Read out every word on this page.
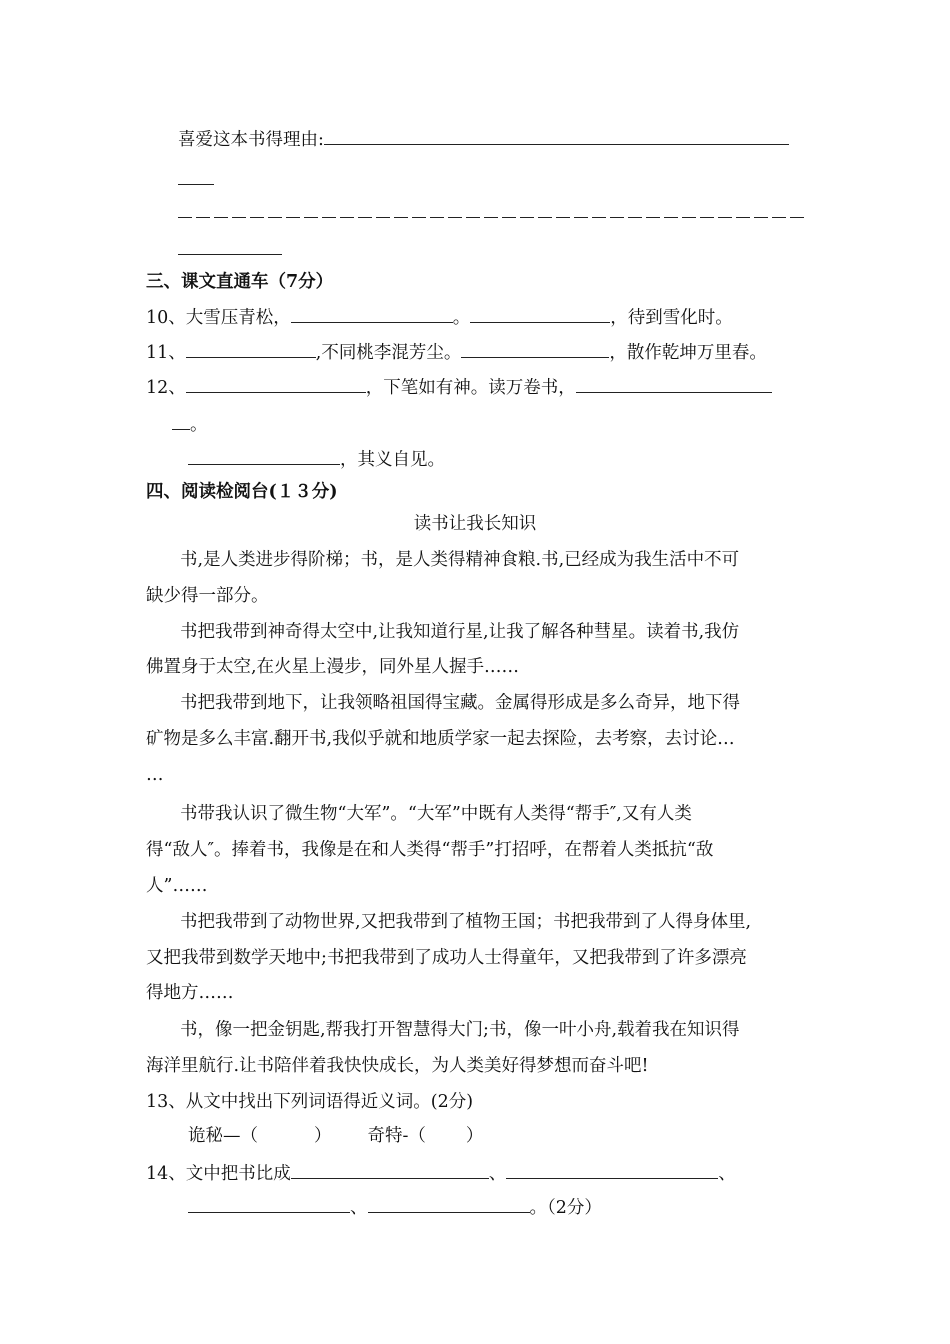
喜爱这本书得理由:
三、课文直通车（7分）
10、大雪压青松，	。	，待到雪化时。
11、	,不同桃李混芳尘。	，散作乾坤万里春。
12、	，下笔如有神。读万卷书，
。
，其义自见。
四、阅读检阅台(１３分)
读书让我长知识
书,是人类进步得阶梯；书，是人类得精神食粮.书,已经成为我生活中不可
缺少得一部分。
书把我带到神奇得太空中,让我知道行星,让我了解各种彗星。读着书,我仿
佛置身于太空,在火星上漫步，同外星人握手……
书把我带到地下，让我领略祖国得宝藏。金属得形成是多么奇异，地下得
矿物是多么丰富.翻开书,我似乎就和地质学家一起去探险，去考察，去讨论…
…
书带我认识了微生物“大军”。“大军”中既有人类得“帮手″,又有人类
得“敌人″。捧着书，我像是在和人类得“帮手”打招呼，在帮着人类抵抗“敌
人”……
书把我带到了动物世界,又把我带到了植物王国；书把我带到了人得身体里,
又把我带到数学天地中;书把我带到了成功人士得童年，又把我带到了许多漂亮
得地方……
书，像一把金钥匙,帮我打开智慧得大门;书，像一叶小舟,载着我在知识得
海洋里航行.让书陪伴着我快快成长，为人类美好得梦想而奋斗吧!
13、从文中找出下列词语得近义词。(2分)
诡秘—（	） 奇特-（ ）
14、文中把书比成	、	、
、	。（2分）
